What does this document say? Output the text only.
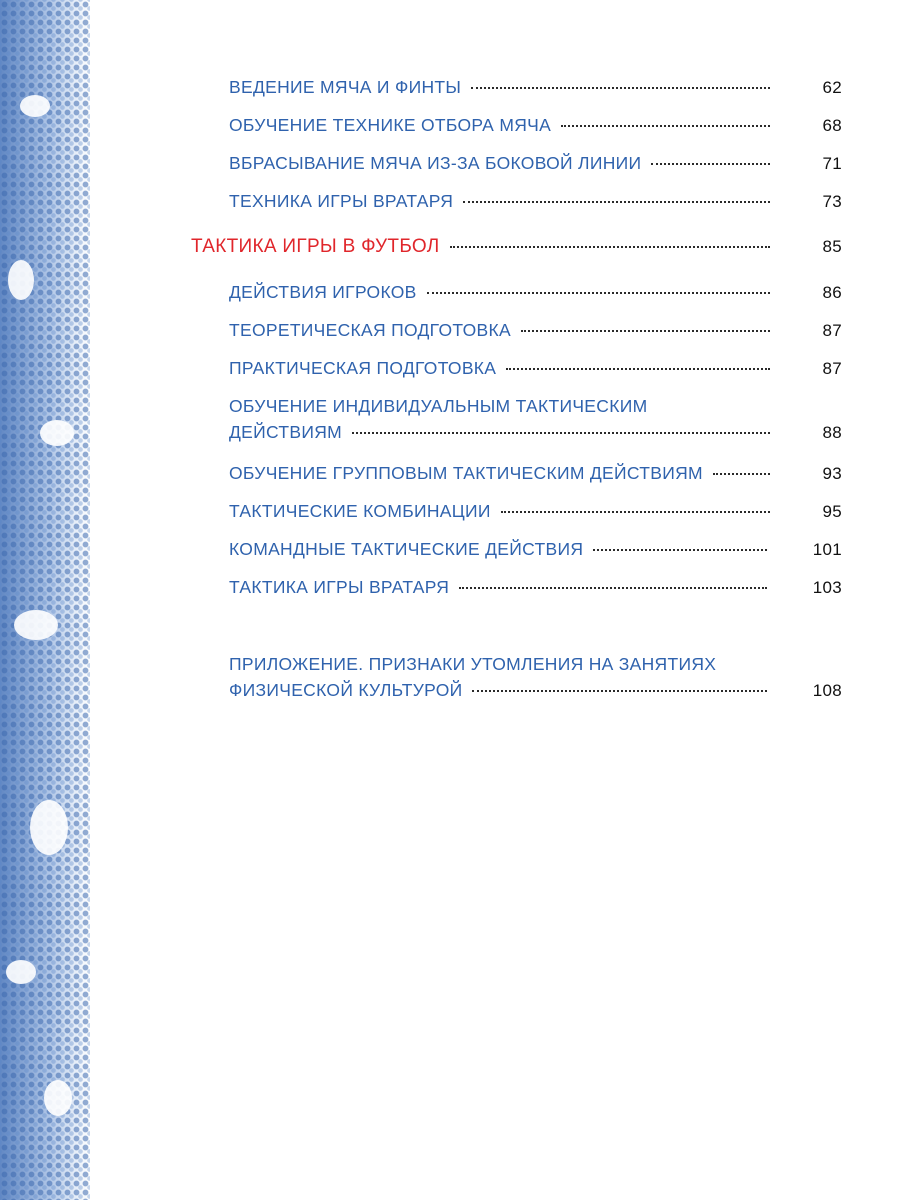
ВЕДЕНИЕ МЯЧА И ФИНТЫ	62
ОБУЧЕНИЕ ТЕХНИКЕ ОТБОРА МЯЧА	68
ВБРАСЫВАНИЕ МЯЧА ИЗ-ЗА БОКОВОЙ ЛИНИИ	71
ТЕХНИКА ИГРЫ ВРАТАРЯ	73
ТАКТИКА ИГРЫ В ФУТБОЛ	85
ДЕЙСТВИЯ ИГРОКОВ	86
ТЕОРЕТИЧЕСКАЯ ПОДГОТОВКА	87
ПРАКТИЧЕСКАЯ ПОДГОТОВКА	87
ОБУЧЕНИЕ ИНДИВИДУАЛЬНЫМ ТАКТИЧЕСКИМ
ДЕЙСТВИЯМ	88
ОБУЧЕНИЕ ГРУППОВЫМ ТАКТИЧЕСКИМ ДЕЙСТВИЯМ	93
ТАКТИЧЕСКИЕ КОМБИНАЦИИ	95
КОМАНДНЫЕ ТАКТИЧЕСКИЕ ДЕЙСТВИЯ	101
ТАКТИКА ИГРЫ ВРАТАРЯ	103
ПРИЛОЖЕНИЕ. ПРИЗНАКИ УТОМЛЕНИЯ НА ЗАНЯТИЯХ
ФИЗИЧЕСКОЙ КУЛЬТУРОЙ	108
